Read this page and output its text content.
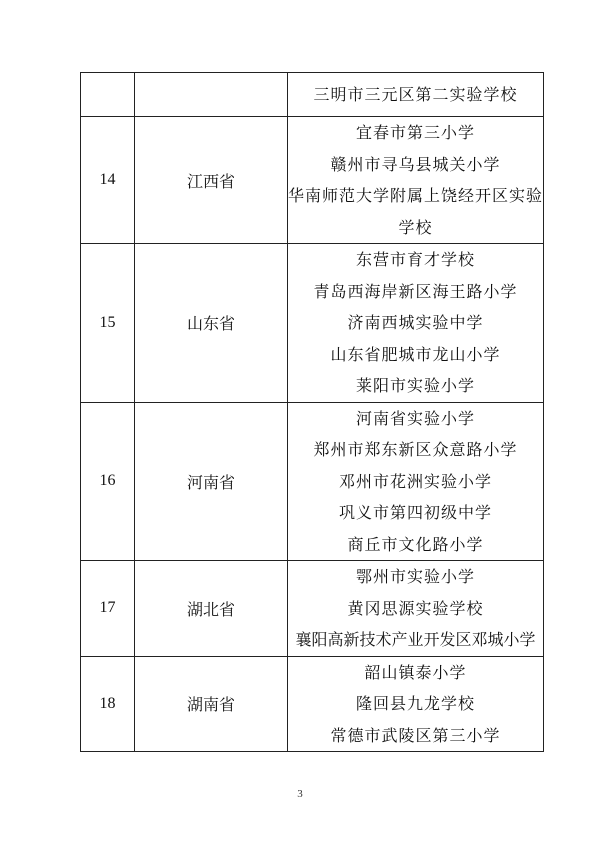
		三明市三元区第二实验学校

14	江西省	宜春市第三小学
赣州市寻乌县城关小学
华南师范大学附属上饶经开区实验
学校

15	山东省	东营市育才学校
青岛西海岸新区海王路小学
济南西城实验中学
山东省肥城市龙山小学
莱阳市实验小学

16	河南省	河南省实验小学
郑州市郑东新区众意路小学
邓州市花洲实验小学
巩义市第四初级中学
商丘市文化路小学

17	湖北省	鄂州市实验小学
黄冈思源实验学校
襄阳高新技术产业开发区邓城小学

18	湖南省	韶山镇泰小学
隆回县九龙学校
常德市武陵区第三小学
3
